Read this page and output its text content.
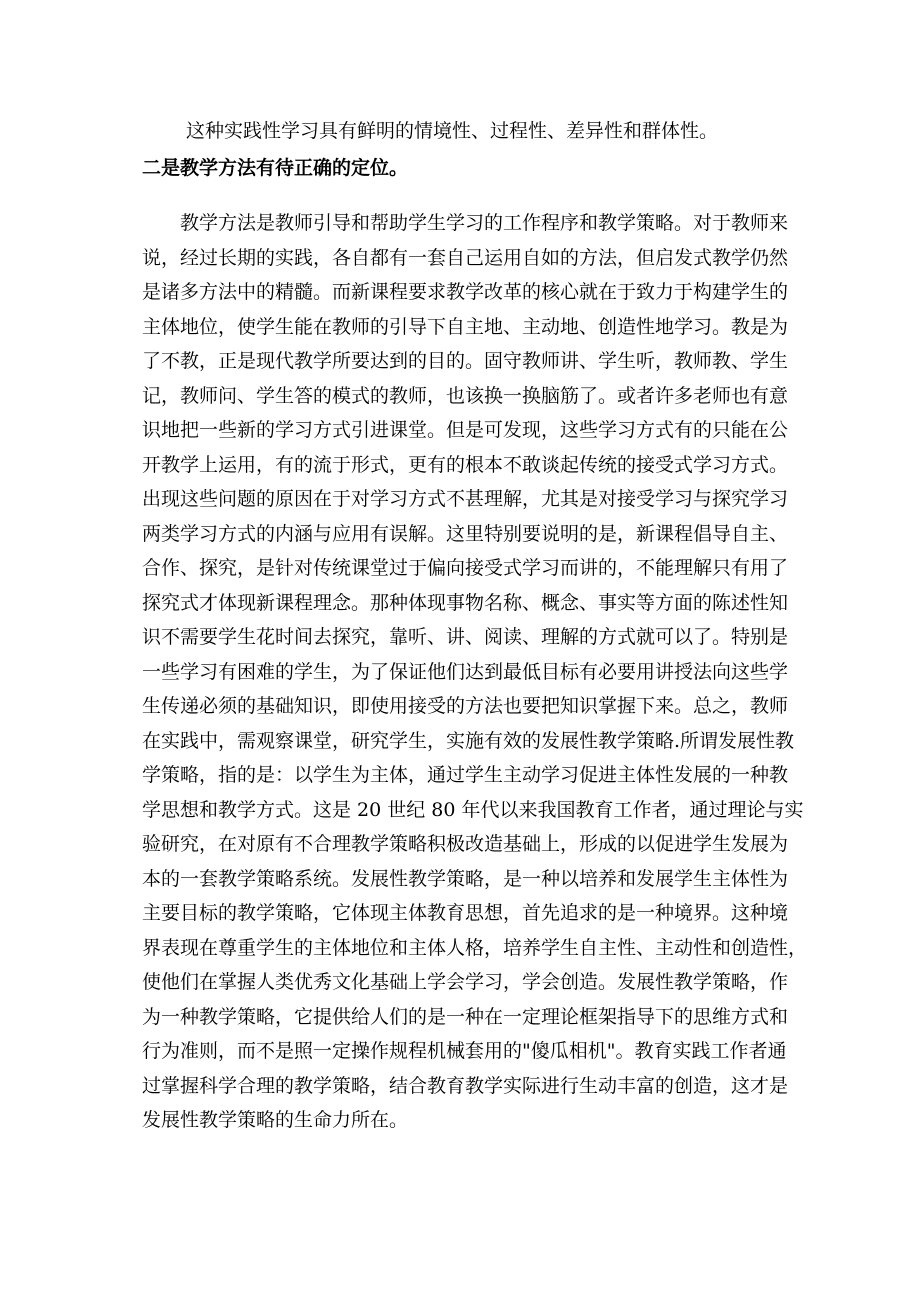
这种实践性学习具有鲜明的情境性、过程性、差异性和群体性。
二是教学方法有待正确的定位。
教学方法是教师引导和帮助学生学习的工作程序和教学策略。对于教师来
说，经过长期的实践，各自都有一套自己运用自如的方法，但启发式教学仍然
是诸多方法中的精髓。而新课程要求教学改革的核心就在于致力于构建学生的
主体地位，使学生能在教师的引导下自主地、主动地、创造性地学习。教是为
了不教，正是现代教学所要达到的目的。固守教师讲、学生听，教师教、学生
记，教师问、学生答的模式的教师，也该换一换脑筋了。或者许多老师也有意
识地把一些新的学习方式引进课堂。但是可发现，这些学习方式有的只能在公
开教学上运用，有的流于形式，更有的根本不敢谈起传统的接受式学习方式。
出现这些问题的原因在于对学习方式不甚理解，尤其是对接受学习与探究学习
两类学习方式的内涵与应用有误解。这里特别要说明的是，新课程倡导自主、
合作、探究，是针对传统课堂过于偏向接受式学习而讲的，不能理解只有用了
探究式才体现新课程理念。那种体现事物名称、概念、事实等方面的陈述性知
识不需要学生花时间去探究，靠听、讲、阅读、理解的方式就可以了。特别是
一些学习有困难的学生，为了保证他们达到最低目标有必要用讲授法向这些学
生传递必须的基础知识，即使用接受的方法也要把知识掌握下来。总之，教师
在实践中，需观察课堂，研究学生，实施有效的发展性教学策略.所谓发展性教
学策略，指的是：以学生为主体，通过学生主动学习促进主体性发展的一种教
学思想和教学方式。这是 20 世纪 80 年代以来我国教育工作者，通过理论与实
验研究，在对原有不合理教学策略积极改造基础上，形成的以促进学生发展为
本的一套教学策略系统。发展性教学策略，是一种以培养和发展学生主体性为
主要目标的教学策略，它体现主体教育思想，首先追求的是一种境界。这种境
界表现在尊重学生的主体地位和主体人格，培养学生自主性、主动性和创造性，
使他们在掌握人类优秀文化基础上学会学习，学会创造。发展性教学策略，作
为一种教学策略，它提供给人们的是一种在一定理论框架指导下的思维方式和
行为准则，而不是照一定操作规程机械套用的"傻瓜相机"。教育实践工作者通
过掌握科学合理的教学策略，结合教育教学实际进行生动丰富的创造，这才是
发展性教学策略的生命力所在。
